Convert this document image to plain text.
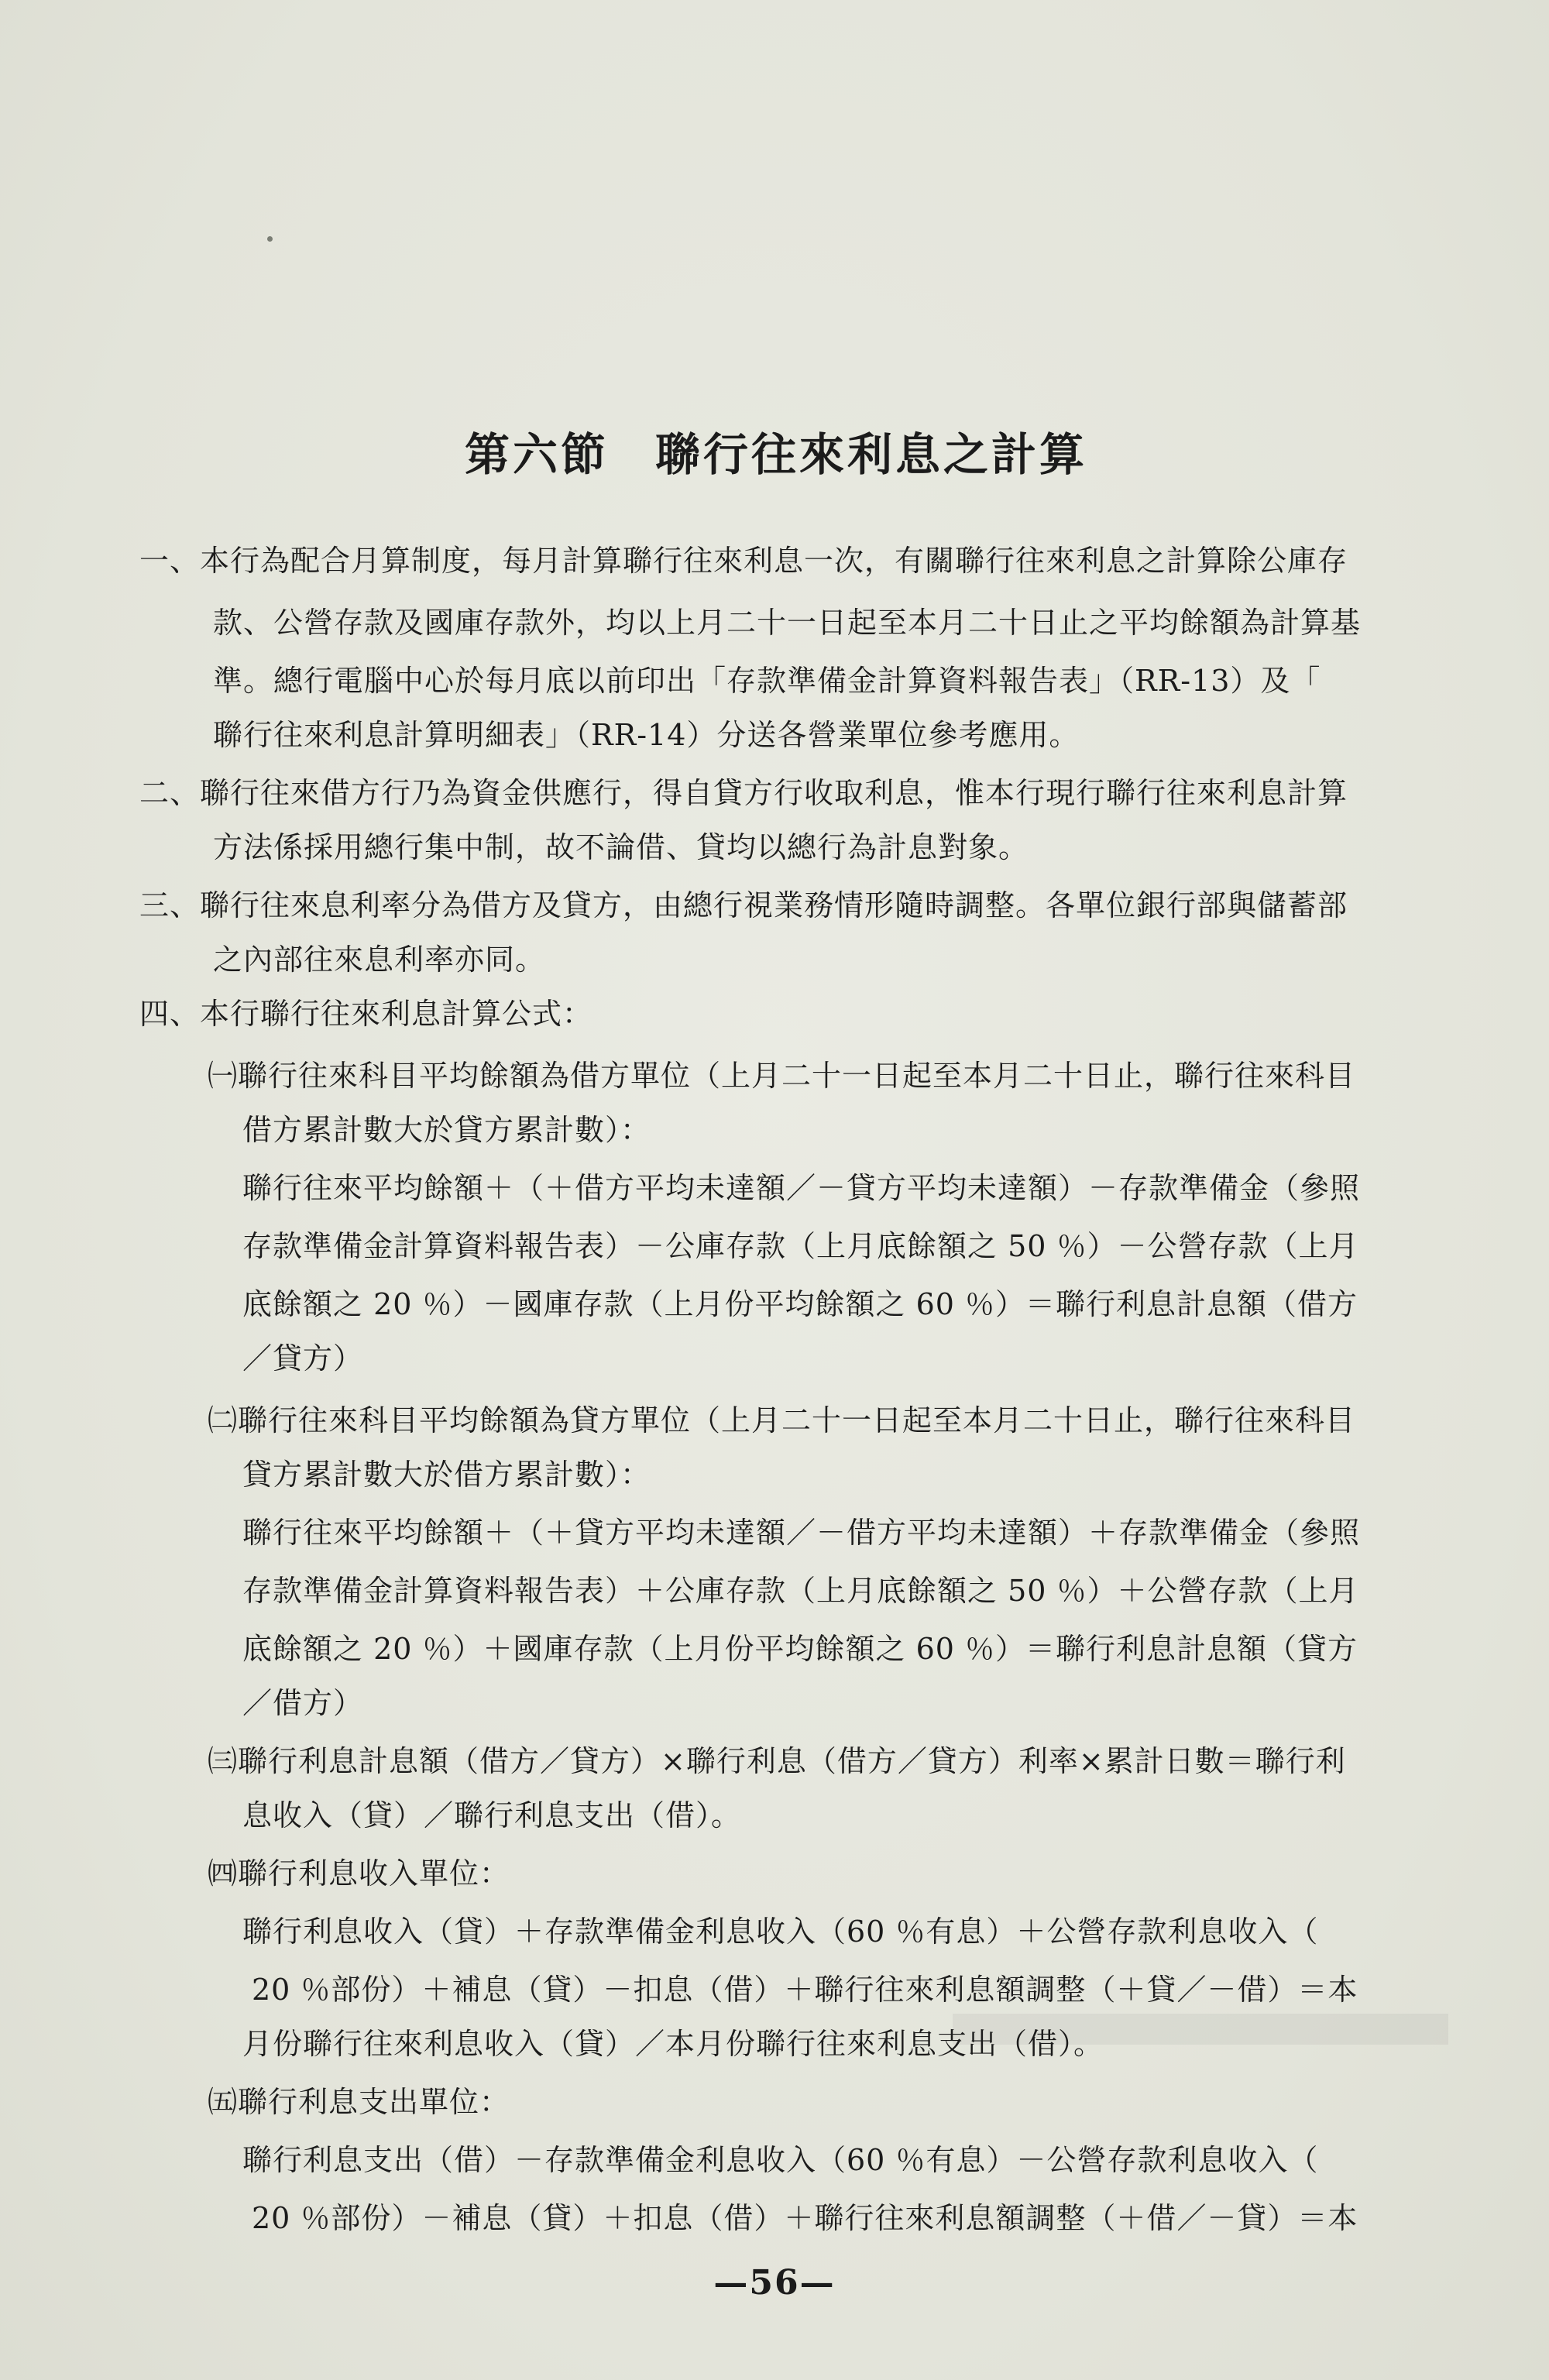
第六節 聯行往來利息之計算
一、本行為配合月算制度，每月計算聯行往來利息一次，有關聯行往來利息之計算除公庫存
款、公營存款及國庫存款外，均以上月二十一日起至本月二十日止之平均餘額為計算基
準。總行電腦中心於每月底以前印出「存款準備金計算資料報告表」（RR-13）及「
聯行往來利息計算明細表」（RR-14）分送各營業單位參考應用。
二、聯行往來借方行乃為資金供應行，得自貸方行收取利息，惟本行現行聯行往來利息計算
方法係採用總行集中制，故不論借、貸均以總行為計息對象。
三、聯行往來息利率分為借方及貸方，由總行視業務情形隨時調整。各單位銀行部與儲蓄部
之內部往來息利率亦同。
四、本行聯行往來利息計算公式：
㈠聯行往來科目平均餘額為借方單位（上月二十一日起至本月二十日止，聯行往來科目
借方累計數大於貸方累計數）：
聯行往來平均餘額＋（＋借方平均未達額／－貸方平均未達額）－存款準備金（參照
存款準備金計算資料報告表）－公庫存款（上月底餘額之 50 ％）－公營存款（上月
底餘額之 20 ％）－國庫存款（上月份平均餘額之 60 ％）＝聯行利息計息額（借方
／貸方）
㈡聯行往來科目平均餘額為貸方單位（上月二十一日起至本月二十日止，聯行往來科目
貸方累計數大於借方累計數）：
聯行往來平均餘額＋（＋貸方平均未達額／－借方平均未達額）＋存款準備金（參照
存款準備金計算資料報告表）＋公庫存款（上月底餘額之 50 ％）＋公營存款（上月
底餘額之 20 ％）＋國庫存款（上月份平均餘額之 60 ％）＝聯行利息計息額（貸方
／借方）
㈢聯行利息計息額（借方／貸方）×聯行利息（借方／貸方）利率×累計日數＝聯行利
息收入（貸）／聯行利息支出（借）。
㈣聯行利息收入單位：
聯行利息收入（貸）＋存款準備金利息收入（60 ％有息）＋公營存款利息收入（
20 ％部份）＋補息（貸）－扣息（借）＋聯行往來利息額調整（＋貸／－借）＝本
月份聯行往來利息收入（貸）／本月份聯行往來利息支出（借）。
㈤聯行利息支出單位：
聯行利息支出（借）－存款準備金利息收入（60 ％有息）－公營存款利息收入（
20 ％部份）－補息（貸）＋扣息（借）＋聯行往來利息額調整（＋借／－貸）＝本
—56—
